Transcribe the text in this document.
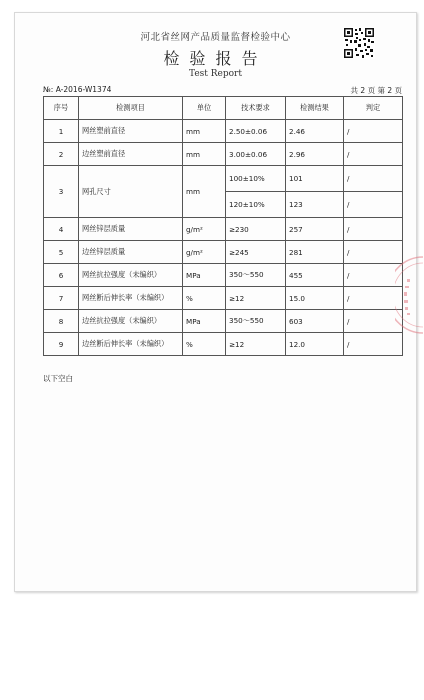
河北省丝网产品质量监督检验中心
检验报告
Test Report
№: A-2016-W1374	共 2 页 第 2 页
序号	检测项目	单位	技术要求	检测结果	判定
1	网丝塑前直径	mm	2.50±0.06	2.46	/
2	边丝塑前直径	mm	3.00±0.06	2.96	/
3	网孔尺寸	mm	100±10%	101	/
			120±10%	123	/
4	网丝锌层质量	g/m²	≥230	257	/
5	边丝锌层质量	g/m²	≥245	281	/
6	网丝抗拉强度（未编织）	MPa	350～550	455	/
7	网丝断后伸长率（未编织）	%	≥12	15.0	/
8	边丝抗拉强度（未编织）	MPa	350～550	603	/
9	边丝断后伸长率（未编织）	%	≥12	12.0	/
以下空白
